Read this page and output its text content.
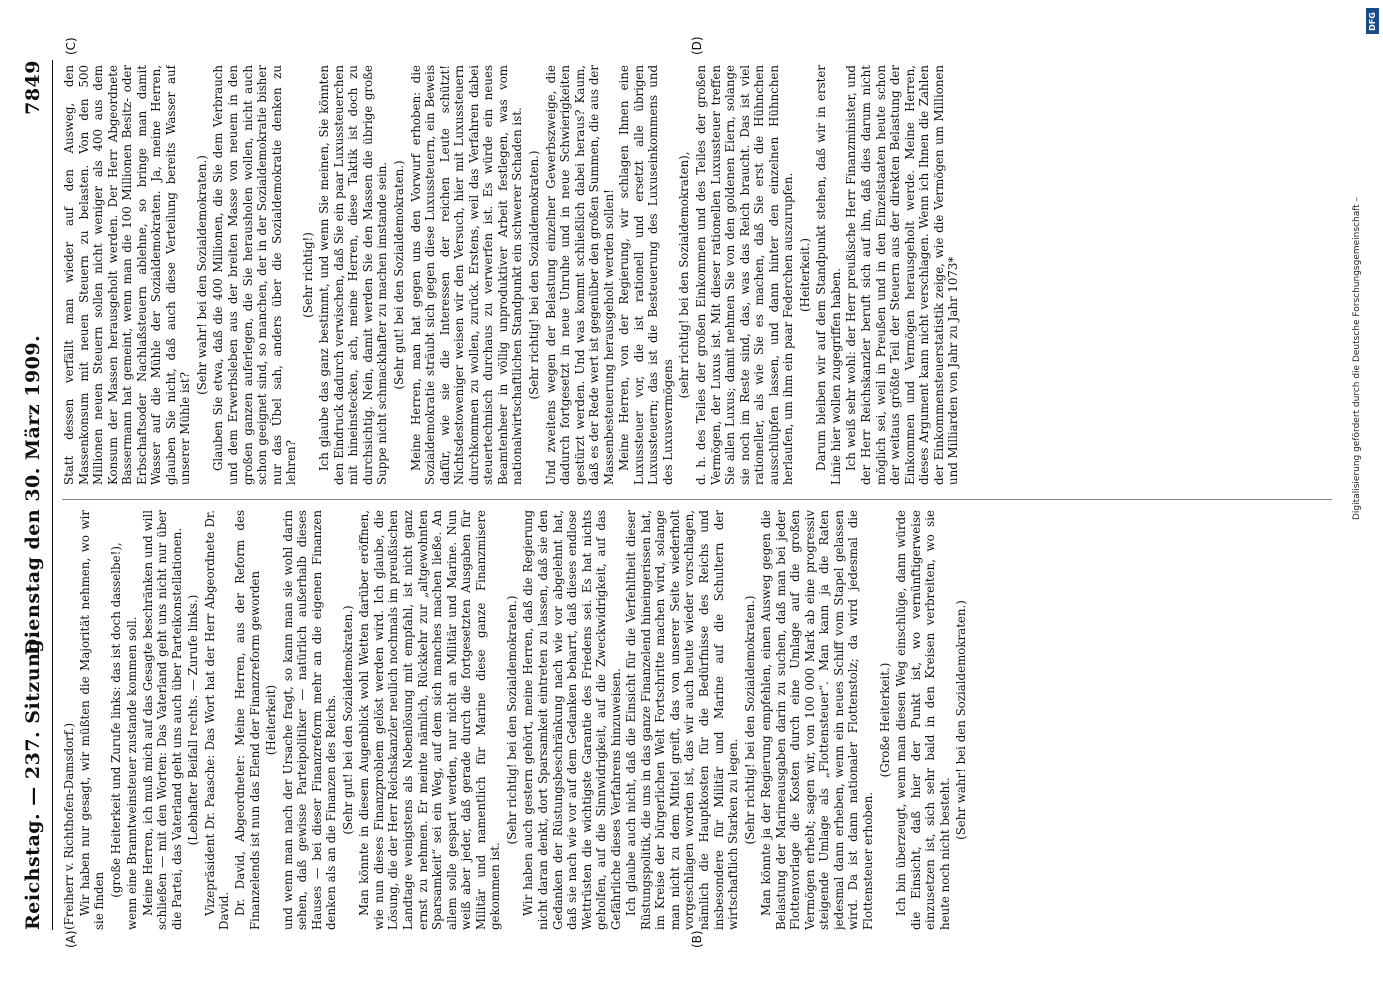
Reichstag. — 237. Sitzung.
Dienstag den 30. März 1909.
7849
(A)	(B)
(C)	(D)

(Freiherr v. Richthofen-Damsdorf.) Wir haben nur gesagt, wir müßten die Majorität nehmen, wo wir sie finden

(große Heiterkeit und Zurufe links: das ist doch dasselbe!), wenn eine Branntweinsteuer zustande kommen soll. Meine Herren, ich muß mich auf das Gesagte beschränken und will schließen — mit den Worten: Das Vaterland geht uns nicht nur über die Partei, das Vaterland geht uns auch über Parteikonstellationen. (Lebhafter Beifall rechts. — Zurufe links.) Vizepräsident Dr. Paasche: Das Wort hat der Herr Abgeordnete Dr. David. Dr. David, Abgeordneter: Meine Herren, aus der Reform des Finanzelends ist nun das Elend der Finanzreform geworden (Heiterkeit) und wenn man nach der Ursache fragt, so kann man sie wohl darin sehen, daß gewisse Parteipolitiker — natürlich außerhalb dieses Hauses — bei dieser Finanzreform mehr an die eigenen Finanzen denken als an die Finanzen des Reichs. (Sehr gut! bei den Sozialdemokraten.) Man könnte in diesem Augenblick wohl Wetten darüber eröffnen, wie nun dieses Finanzproblem gelöst werden wird. Ich glaube, die Lösung, die der Herr Reichskanzler neulich nochmals im preußischen Landtage wenigstens als Nebenlösung mit empfahl, ist nicht ganz ernst zu nehmen. Er meinte nämlich, Rückkehr zur „altgewohnten Sparsamkeit“ sei ein Weg, auf dem sich manches machen ließe. An allem solle gespart werden, nur nicht an Militär und Marine. Nun weiß aber jeder, daß gerade durch die fortgesetzten Ausgaben für Militär und namentlich für Marine diese ganze Finanzmisere gekommen ist.

(Sehr richtig! bei den Sozialdemokraten.) Wir haben auch gestern gehört, meine Herren, daß die Regierung nicht daran denkt, dort Sparsamkeit eintreten zu lassen, daß sie den Gedanken der Rüstungsbeschränkung nach wie vor abgelehnt hat, daß sie nach wie vor auf dem Gedanken beharrt, daß dieses endlose Wettrüsten die wichtigste Garantie des Friedens sei. Es hat nichts geholfen, auf die Sinnwidrigkeit, auf die Zweckwidrigkeit, auf das Gefährliche dieses Verfahrens hinzuweisen. Ich glaube auch nicht, daß die Einsicht für die Verfehltheit dieser Rüstungspolitik, die uns in das ganze Finanzelend hineingerissen hat, im Kreise der bürgerlichen Welt Fortschritte machen wird, solange man nicht zu dem Mittel greift, das von unserer Seite wiederholt vorgeschlagen worden ist, das wir auch heute wieder vorschlagen, nämlich die Hauptkosten für die Bedürfnisse des Reichs und insbesondere für Militär und Marine auf die Schultern der wirtschaftlich Starken zu legen. (Sehr richtig! bei den Sozialdemokraten.) Man könnte ja der Regierung empfehlen, einen Ausweg gegen die Belastung der Marineausgaben darin zu suchen, daß man bei jeder Flottenvorlage die Kosten durch eine Umlage auf die großen Vermögen erhebt; sagen wir, von 100 000 Mark ab eine progressiv steigende Umlage als „Flottensteuer“. Man kann ja die Raten jedesmal dann erheben, wenn ein neues Schiff vom Stapel gelassen wird. Da ist dann nationaler Flottenstolz; da wird jedesmal die Flottensteuer erhoben.

(Große Heiterkeit.) Ich bin überzeugt, wenn man diesen Weg einschlüge, dann würde die Einsicht, daß hier der Punkt ist, wo vernünftigerweise einzusetzen ist, sich sehr bald in den Kreisen verbreiten, wo sie heute noch nicht besteht.

(Sehr wahr! bei den Sozialdemokraten.)

Statt dessen verfällt man wieder auf den Ausweg, den Massenkonsum mit neuen Steuern zu belasten. Von den 500 Millionen neuen Steuern sollen nicht weniger als 400 aus dem Konsum der Massen herausgeholt werden. Der Herr Abgeordnete Bassermann hat gemeint, wenn man die 100 Millionen Besitz- oder Erbschaftsoder Nachlaßsteuern ablehne, so bringe man damit Wasser auf die Mühle der Sozialdemokraten. Ja, meine Herren, glauben Sie nicht, daß auch diese Verteilung bereits Wasser auf unserer Mühle ist?

(Sehr wahr! bei den Sozialdemokraten.) Glauben Sie etwa, daß die 400 Millionen, die Sie dem Verbrauch und dem Erwerbsleben aus der breiten Masse von neuem in den großen ganzen auferlegen, die Sie herausholen wollen, nicht auch schon geeignet sind, so manchen, der in der Sozialdemokratie bisher nur das Übel sah, anders über die Sozialdemokratie denken zu lehren?

(Sehr richtig!) Ich glaube das ganz bestimmt, und wenn Sie meinen, Sie könnten den Eindruck dadurch verwischen, daß Sie ein paar Luxussteuerchen mit hineinstecken, ach, meine Herren, diese Taktik ist doch zu durchsichtig. Nein, damit werden Sie den Massen die übrige große Suppe nicht schmackhafter zu machen imstande sein. (Sehr gut! bei den Sozialdemokraten.) Meine Herren, man hat gegen uns den Vorwurf erhoben: die Sozialdemokratie sträubt sich gegen diese Luxussteuern, ein Beweis dafür, wie sie die Interessen der reichen Leute schützt! Nichtsdestoweniger weisen wir den Versuch, hier mit Luxussteuern durchkommen zu wollen, zurück. Erstens, weil das Verfahren dabei steuertechnisch durchaus zu verwerfen ist. Es würde ein neues Beamtenheer in völlig unproduktiver Arbeit festlegen, was vom nationalwirtschaftlichen Standpunkt ein schwerer Schaden ist. (Sehr richtig! bei den Sozialdemokraten.) Und zweitens wegen der Belastung einzelner Gewerbszweige, die dadurch fortgesetzt in neue Unruhe und in neue Schwierigkeiten gestürzt werden. Und was kommt schließlich dabei heraus? Kaum, daß es der Rede wert ist gegenüber den großen Summen, die aus der Massenbesteuerung herausgeholt werden sollen! Meine Herren, von der Regierung, wir schlagen Ihnen eine Luxussteuer vor, die ist rationell und ersetzt alle übrigen Luxussteuern; das ist die Besteuerung des Luxuseinkommens und des Luxusvermögens

(sehr richtig! bei den Sozialdemokraten), d. h. des Teiles der großen Einkommen und des Teiles der großen Vermögen, der Luxus ist. Mit dieser rationellen Luxussteuer treffen Sie allen Luxus; damit nehmen Sie von den goldenen Eiern, solange sie noch im Reste sind, das, was das Reich braucht. Das ist viel rationeller, als wie Sie es machen, daß Sie erst die Hühnchen ausschlüpfen lassen, und dann hinter den einzelnen Hühnchen herlaufen, um ihm ein paar Federchen auszurupfen. (Heiterkeit.) Darum bleiben wir auf dem Standpunkt stehen, daß wir in erster Linie hier wollen zugegriffen haben. Ich weiß sehr wohl: der Herr preußische Herr Finanzminister, und der Herr Reichskanzler beruft sich auf ihn, daß dies darum nicht möglich sei, weil in Preußen und in den Einzelstaaten heute schon der weitaus größte Teil der Steuern aus der direkten Belastung der Einkommen und Vermögen herausgeholt werde. Meine Herren, dieses Argument kann nicht verschlagen. Wenn ich Ihnen die Zahlen der Einkommensteuerstatistik zeige, wie die Vermögen um Millionen und Milliarden von Jahr zu Jahr 1073*	Digitalisierung gefördert durch die Deutsche Forschungsgemeinschaft –
DFG
